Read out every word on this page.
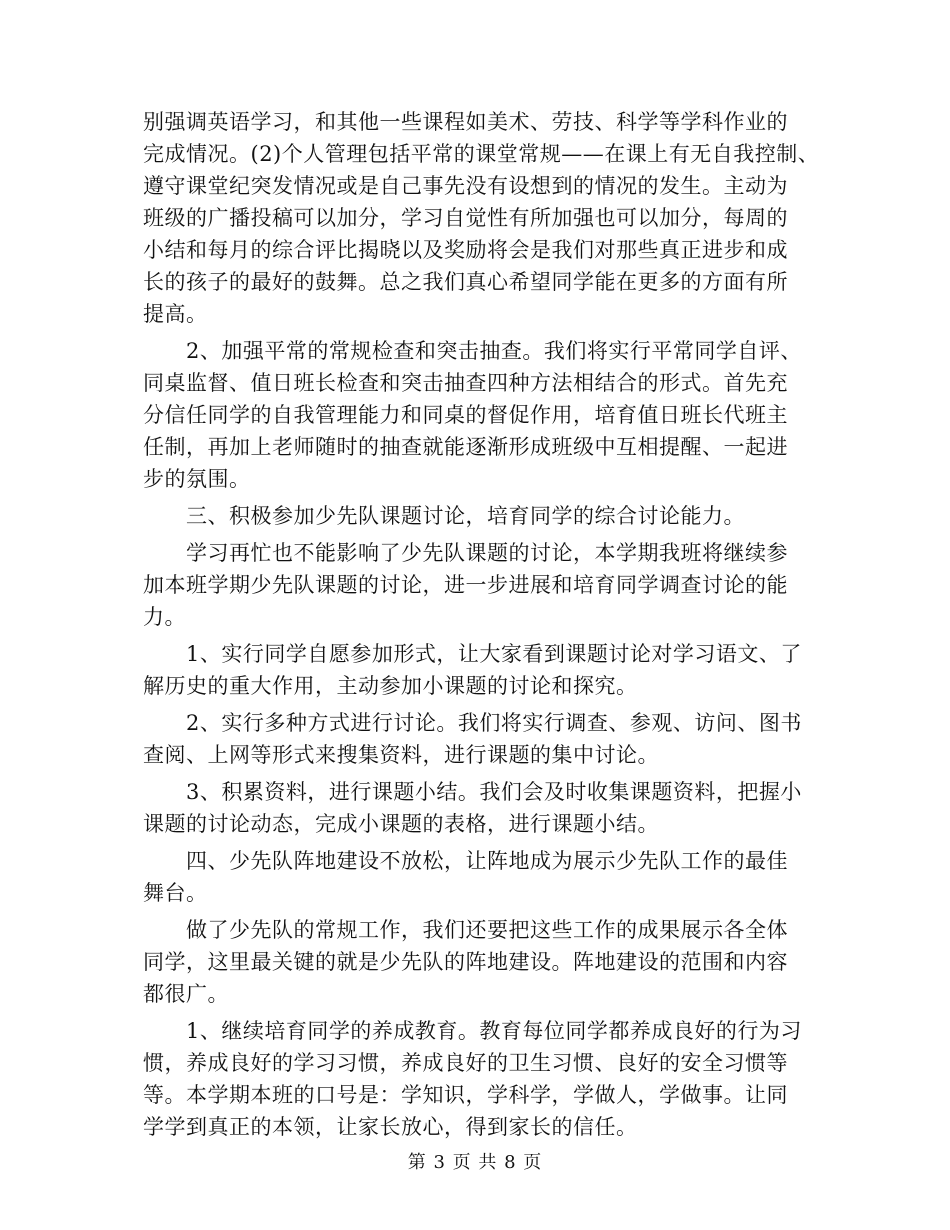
别强调英语学习，和其他一些课程如美术、劳技、科学等学科作业的
完成情况。(2)个人管理包括平常的课堂常规——在课上有无自我控制、
遵守课堂纪突发情况或是自己事先没有设想到的情况的发生。主动为
班级的广播投稿可以加分，学习自觉性有所加强也可以加分，每周的
小结和每月的综合评比揭晓以及奖励将会是我们对那些真正进步和成
长的孩子的最好的鼓舞。总之我们真心希望同学能在更多的方面有所
提高。
　　2、加强平常的常规检查和突击抽查。我们将实行平常同学自评、
同桌监督、值日班长检查和突击抽查四种方法相结合的形式。首先充
分信任同学的自我管理能力和同桌的督促作用，培育值日班长代班主
任制，再加上老师随时的抽查就能逐渐形成班级中互相提醒、一起进
步的氛围。
　　三、积极参加少先队课题讨论，培育同学的综合讨论能力。
　　学习再忙也不能影响了少先队课题的讨论，本学期我班将继续参
加本班学期少先队课题的讨论，进一步进展和培育同学调查讨论的能
力。
　　1、实行同学自愿参加形式，让大家看到课题讨论对学习语文、了
解历史的重大作用，主动参加小课题的讨论和探究。
　　2、实行多种方式进行讨论。我们将实行调查、参观、访问、图书
查阅、上网等形式来搜集资料，进行课题的集中讨论。
　　3、积累资料，进行课题小结。我们会及时收集课题资料，把握小
课题的讨论动态，完成小课题的表格，进行课题小结。
　　四、少先队阵地建设不放松，让阵地成为展示少先队工作的最佳
舞台。
　　做了少先队的常规工作，我们还要把这些工作的成果展示各全体
同学，这里最关键的就是少先队的阵地建设。阵地建设的范围和内容
都很广。
　　1、继续培育同学的养成教育。教育每位同学都养成良好的行为习
惯，养成良好的学习习惯，养成良好的卫生习惯、良好的安全习惯等
等。本学期本班的口号是：学知识，学科学，学做人，学做事。让同
学学到真正的本领，让家长放心，得到家长的信任。
第 3 页 共 8 页
